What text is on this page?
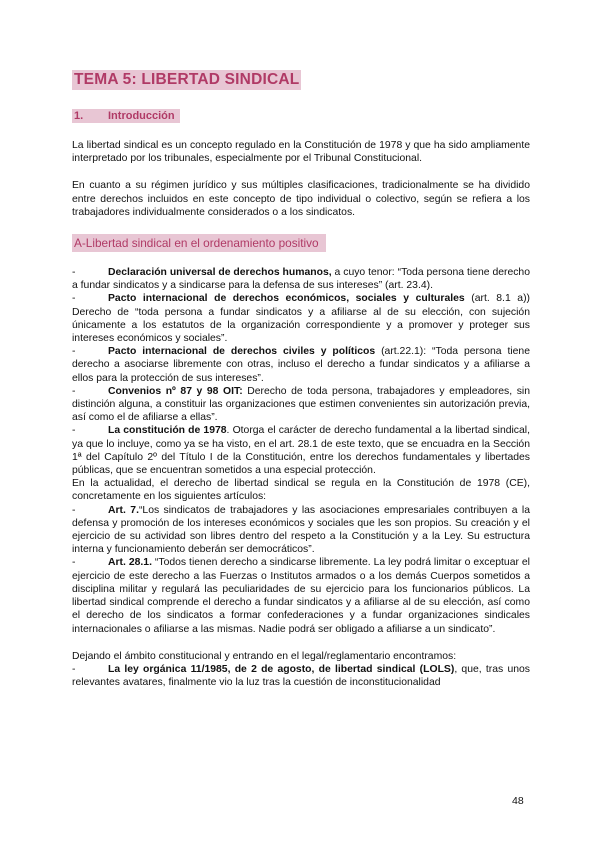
TEMA 5: LIBERTAD SINDICAL
1.	Introducción

La libertad sindical es un concepto regulado en la Constitución de 1978 y que ha sido ampliamente interpretado por los tribunales, especialmente por el Tribunal Constitucional.

En cuanto a su régimen jurídico y sus múltiples clasificaciones, tradicionalmente se ha dividido entre derechos incluidos en este concepto de tipo individual o colectivo, según se refiera a los trabajadores individualmente considerados o a los sindicatos.

A-Libertad sindical en el ordenamiento positivo

-	Declaración universal de derechos humanos, a cuyo tenor: “Toda persona tiene derecho a fundar sindicatos y a sindicarse para la defensa de sus intereses” (art. 23.4).

-	Pacto internacional de derechos económicos, sociales y culturales (art. 8.1 a)) Derecho de “toda persona a fundar sindicatos y a afiliarse al de su elección, con sujeción únicamente a los estatutos de la organización correspondiente y a promover y proteger sus intereses económicos y sociales”.

-	Pacto internacional de derechos civiles y políticos (art.22.1): “Toda persona tiene derecho a asociarse libremente con otras, incluso el derecho a fundar sindicatos y a afiliarse a ellos para la protección de sus intereses”.

-	Convenios nº 87 y 98 OIT: Derecho de toda persona, trabajadores y empleadores, sin distinción alguna, a constituir las organizaciones que estimen convenientes sin autorización previa, así como el de afiliarse a ellas”.

-	La constitución de 1978. Otorga el carácter de derecho fundamental a la libertad sindical, ya que lo incluye, como ya se ha visto, en el art. 28.1 de este texto, que se encuadra en la Sección 1ª del Capítulo 2º del Título I de la Constitución, entre los derechos fundamentales y libertades públicas, que se encuentran sometidos a una especial protección.

En la actualidad, el derecho de libertad sindical se regula en la Constitución de 1978 (CE), concretamente en los siguientes artículos:

-	Art. 7.“Los sindicatos de trabajadores y las asociaciones empresariales contribuyen a la defensa y promoción de los intereses económicos y sociales que les son propios. Su creación y el ejercicio de su actividad son libres dentro del respeto a la Constitución y a la Ley. Su estructura interna y funcionamiento deberán ser democráticos”.

-	Art. 28.1. “Todos tienen derecho a sindicarse libremente. La ley podrá limitar o exceptuar el ejercicio de este derecho a las Fuerzas o Institutos armados o a los demás Cuerpos sometidos a disciplina militar y regulará las peculiaridades de su ejercicio para los funcionarios públicos. La libertad sindical comprende el derecho a fundar sindicatos y a afiliarse al de su elección, así como el derecho de los sindicatos a formar confederaciones y a fundar organizaciones sindicales internacionales o afiliarse a las mismas. Nadie podrá ser obligado a afiliarse a un sindicato”.

Dejando el ámbito constitucional y entrando en el legal/reglamentario encontramos:

-	La ley orgánica 11/1985, de 2 de agosto, de libertad sindical (LOLS), que, tras unos relevantes avatares, finalmente vio la luz tras la cuestión de inconstitucionalidad

48
